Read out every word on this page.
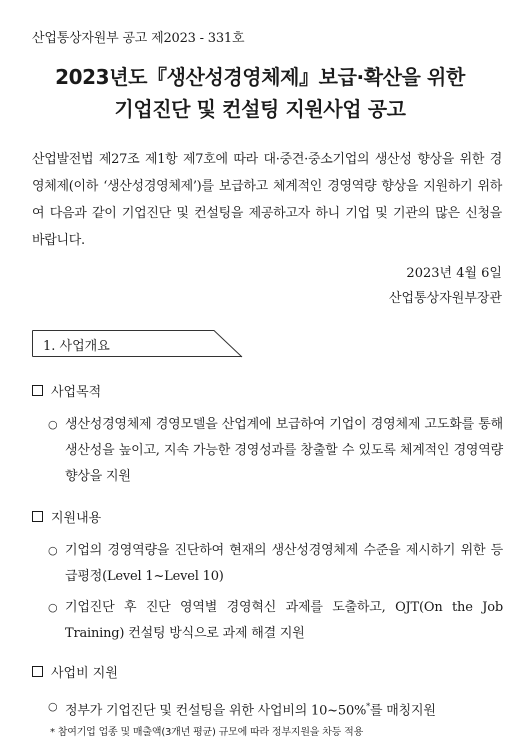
산업통상자원부 공고 제2023 - 331호
2023년도『생산성경영체제』보급·확산을 위한
기업진단 및 컨설팅 지원사업 공고
산업발전법 제27조 제1항 제7호에 따라 대·중견·중소기업의 생산성 향상을 위한 경영체제(이하 ‘생산성경영체제’)를 보급하고 체계적인 경영역량 향상을 지원하기 위하여 다음과 같이 기업진단 및 컨설팅을 제공하고자 하니 기업 및 기관의 많은 신청을 바랍니다.
2023년 4월 6일
산업통상자원부장관
1. 사업개요
사업목적
○ 생산성경영체제 경영모델을 산업계에 보급하여 기업이 경영체제 고도화를 통해 생산성을 높이고, 지속 가능한 경영성과를 창출할 수 있도록 체계적인 경영역량 향상을 지원
지원내용
○ 기업의 경영역량을 진단하여 현재의 생산성경영체제 수준을 제시하기 위한 등급평정(Level 1~Level 10)
○ 기업진단 후 진단 영역별 경영혁신 과제를 도출하고, OJT(On the Job Training) 컨설팅 방식으로 과제 해결 지원
사업비 지원
○ 정부가 기업진단 및 컨설팅을 위한 사업비의 10~50%*를 매칭지원
* 참여기업 업종 및 매출액(3개년 평균) 규모에 따라 정부지원을 차등 적용
